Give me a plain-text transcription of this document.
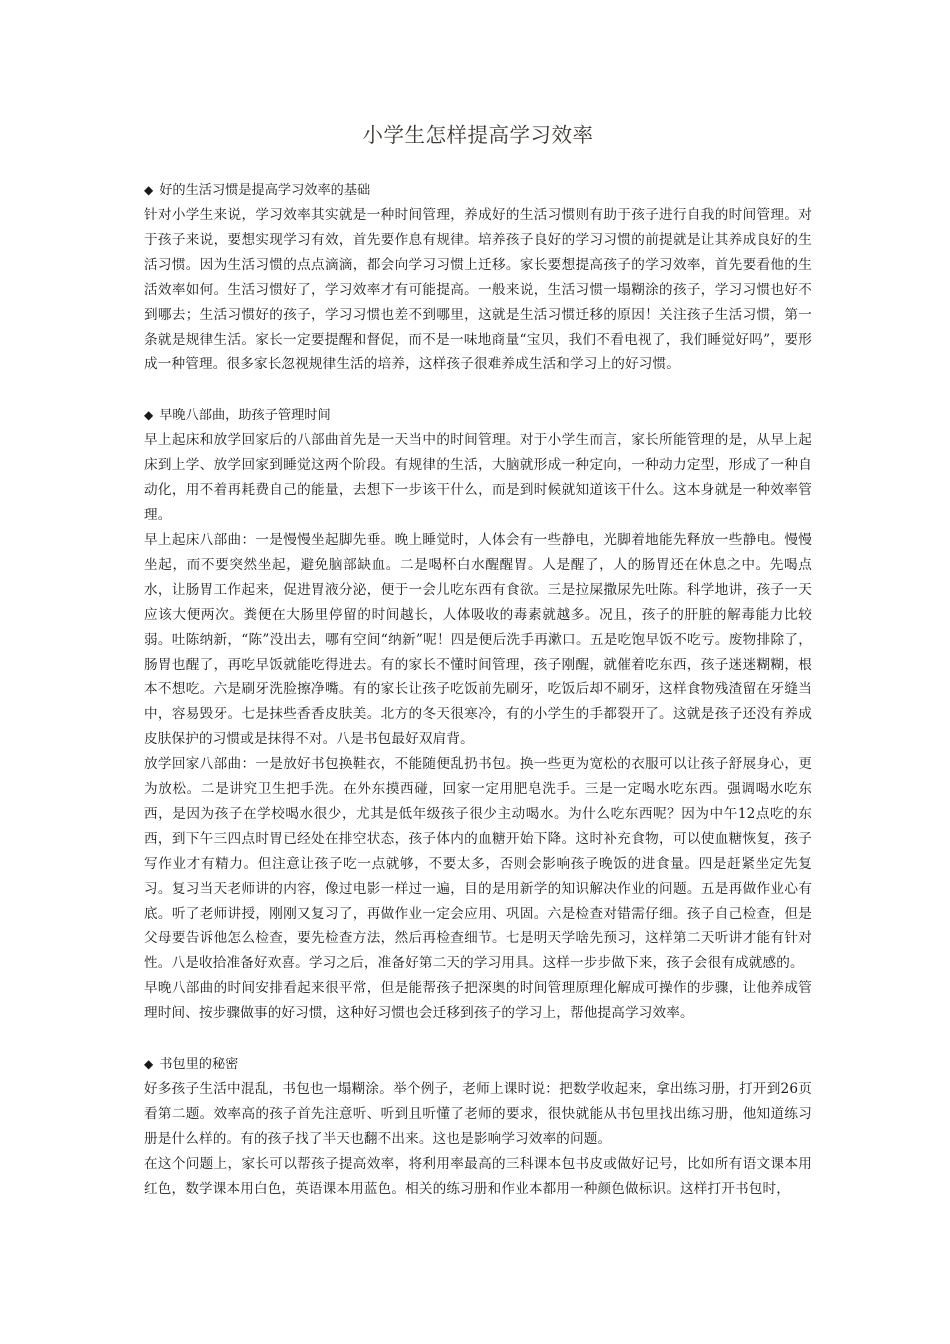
小学生怎样提高学习效率

◆ 好的生活习惯是提高学习效率的基础

针对小学生来说，学习效率其实就是一种时间管理，养成好的生活习惯则有助于孩子进行自我的时间管理。对于孩子来说，要想实现学习有效，首先要作息有规律。培养孩子良好的学习习惯的前提就是让其养成良好的生活习惯。因为生活习惯的点点滴滴，都会向学习习惯上迁移。家长要想提高孩子的学习效率，首先要看他的生活效率如何。生活习惯好了，学习效率才有可能提高。一般来说，生活习惯一塌糊涂的孩子，学习习惯也好不到哪去；生活习惯好的孩子，学习习惯也差不到哪里，这就是生活习惯迁移的原因！关注孩子生活习惯，第一条就是规律生活。家长一定要提醒和督促，而不是一味地商量“宝贝，我们不看电视了，我们睡觉好吗”，要形成一种管理。很多家长忽视规律生活的培养，这样孩子很难养成生活和学习上的好习惯。

◆ 早晚八部曲，助孩子管理时间

早上起床和放学回家后的八部曲首先是一天当中的时间管理。对于小学生而言，家长所能管理的是，从早上起床到上学、放学回家到睡觉这两个阶段。有规律的生活，大脑就形成一种定向，一种动力定型，形成了一种自动化，用不着再耗费自己的能量，去想下一步该干什么，而是到时候就知道该干什么。这本身就是一种效率管理。

早上起床八部曲：一是慢慢坐起脚先垂。晚上睡觉时，人体会有一些静电，光脚着地能先释放一些静电。慢慢坐起，而不要突然坐起，避免脑部缺血。二是喝杯白水醒醒胃。人是醒了，人的肠胃还在休息之中。先喝点水，让肠胃工作起来，促进胃液分泌，便于一会儿吃东西有食欲。三是拉屎撒尿先吐陈。科学地讲，孩子一天应该大便两次。粪便在大肠里停留的时间越长，人体吸收的毒素就越多。况且，孩子的肝脏的解毒能力比较弱。吐陈纳新，“陈”没出去，哪有空间“纳新”呢！四是便后洗手再漱口。五是吃饱早饭不吃亏。废物排除了，肠胃也醒了，再吃早饭就能吃得进去。有的家长不懂时间管理，孩子刚醒，就催着吃东西，孩子迷迷糊糊，根本不想吃。六是刷牙洗脸擦净嘴。有的家长让孩子吃饭前先刷牙，吃饭后却不刷牙，这样食物残渣留在牙缝当中，容易毁牙。七是抹些香香皮肤美。北方的冬天很寒冷，有的小学生的手都裂开了。这就是孩子还没有养成皮肤保护的习惯或是抹得不对。八是书包最好双肩背。

放学回家八部曲：一是放好书包换鞋衣，不能随便乱扔书包。换一些更为宽松的衣服可以让孩子舒展身心，更为放松。二是讲究卫生把手洗。在外东摸西碰，回家一定用肥皂洗手。三是一定喝水吃东西。强调喝水吃东西，是因为孩子在学校喝水很少，尤其是低年级孩子很少主动喝水。为什么吃东西呢？因为中午12点吃的东西，到下午三四点时胃已经处在排空状态，孩子体内的血糖开始下降。这时补充食物，可以使血糖恢复，孩子写作业才有精力。但注意让孩子吃一点就够，不要太多，否则会影响孩子晚饭的进食量。四是赶紧坐定先复习。复习当天老师讲的内容，像过电影一样过一遍，目的是用新学的知识解决作业的问题。五是再做作业心有底。听了老师讲授，刚刚又复习了，再做作业一定会应用、巩固。六是检查对错需仔细。孩子自己检查，但是父母要告诉他怎么检查，要先检查方法，然后再检查细节。七是明天学啥先预习，这样第二天听讲才能有针对性。八是收拾准备好欢喜。学习之后，准备好第二天的学习用具。这样一步步做下来，孩子会很有成就感的。

早晚八部曲的时间安排看起来很平常，但是能帮孩子把深奥的时间管理原理化解成可操作的步骤，让他养成管理时间、按步骤做事的好习惯，这种好习惯也会迁移到孩子的学习上，帮他提高学习效率。

◆ 书包里的秘密

好多孩子生活中混乱，书包也一塌糊涂。举个例子，老师上课时说：把数学收起来，拿出练习册，打开到26页看第二题。效率高的孩子首先注意听、听到且听懂了老师的要求，很快就能从书包里找出练习册，他知道练习册是什么样的。有的孩子找了半天也翻不出来。这也是影响学习效率的问题。

在这个问题上，家长可以帮孩子提高效率，将利用率最高的三科课本包书皮或做好记号，比如所有语文课本用红色，数学课本用白色，英语课本用蓝色。相关的练习册和作业本都用一种颜色做标识。这样打开书包时，
